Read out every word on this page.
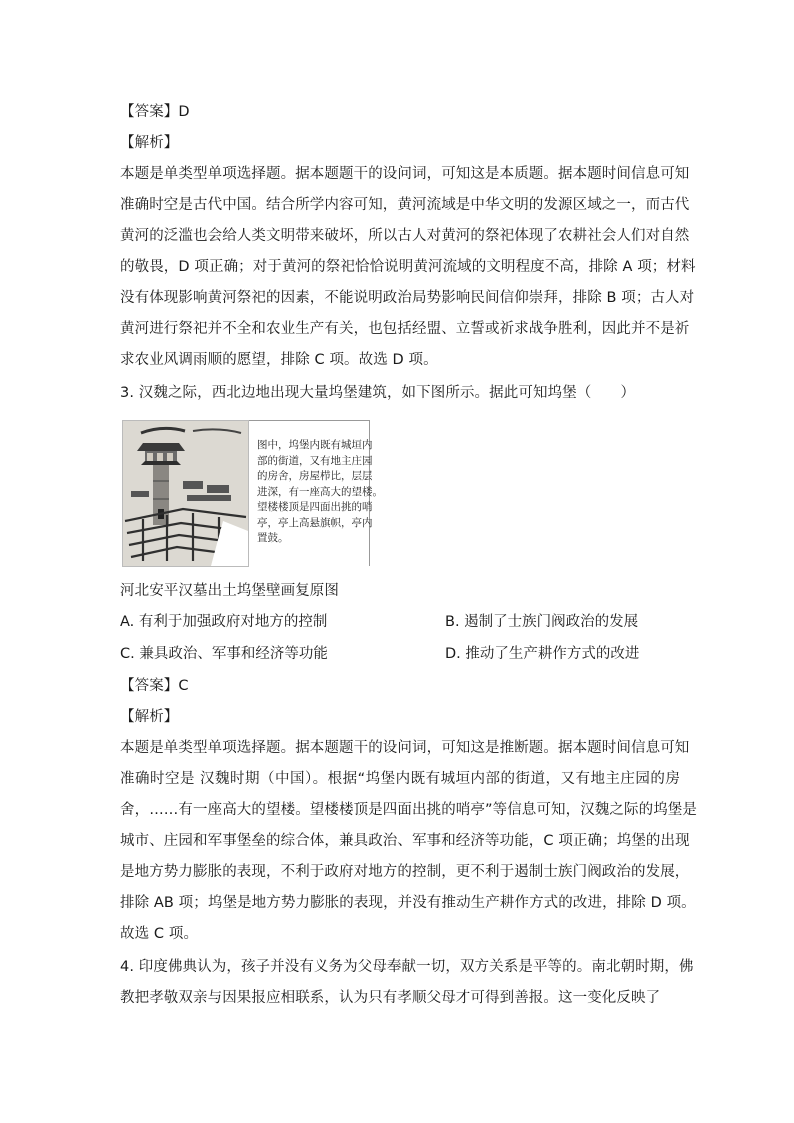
【答案】D
【解析】
本题是单类型单项选择题。据本题题干的设问词，可知这是本质题。据本题时间信息可知
准确时空是古代中国。结合所学内容可知，黄河流域是中华文明的发源区域之一，而古代
黄河的泛滥也会给人类文明带来破坏，所以古人对黄河的祭祀体现了农耕社会人们对自然
的敬畏，D 项正确；对于黄河的祭祀恰恰说明黄河流域的文明程度不高，排除 A 项；材料
没有体现影响黄河祭祀的因素，不能说明政治局势影响民间信仰崇拜，排除 B 项；古人对
黄河进行祭祀并不全和农业生产有关，也包括经盟、立誓或祈求战争胜利，因此并不是祈
求农业风调雨顺的愿望，排除 C 项。故选 D 项。
3. 汉魏之际，西北边地出现大量坞堡建筑，如下图所示。据此可知坞堡（　　）
图中，坞堡内既有城垣内
部的街道，又有地主庄园
的房舍，房屋栉比，层层
进深，有一座高大的望楼。
望楼楼顶是四面出挑的哨
亭，亭上高悬旗帜，亭内
置鼓。
河北安平汉墓出土坞堡壁画复原图
A. 有利于加强政府对地方的控制	B. 遏制了士族门阀政治的发展
C. 兼具政治、军事和经济等功能	D. 推动了生产耕作方式的改进
【答案】C
【解析】
本题是单类型单项选择题。据本题题干的设问词，可知这是推断题。据本题时间信息可知
准确时空是 汉魏时期（中国）。根据“坞堡内既有城垣内部的街道，又有地主庄园的房
舍，……有一座高大的望楼。望楼楼顶是四面出挑的哨亭”等信息可知，汉魏之际的坞堡是
城市、庄园和军事堡垒的综合体，兼具政治、军事和经济等功能，C 项正确；坞堡的出现
是地方势力膨胀的表现，不利于政府对地方的控制，更不利于遏制士族门阀政治的发展，
排除 AB 项；坞堡是地方势力膨胀的表现，并没有推动生产耕作方式的改进，排除 D 项。
故选 C 项。
4. 印度佛典认为，孩子并没有义务为父母奉献一切，双方关系是平等的。南北朝时期，佛
教把孝敬双亲与因果报应相联系，认为只有孝顺父母才可得到善报。这一变化反映了
